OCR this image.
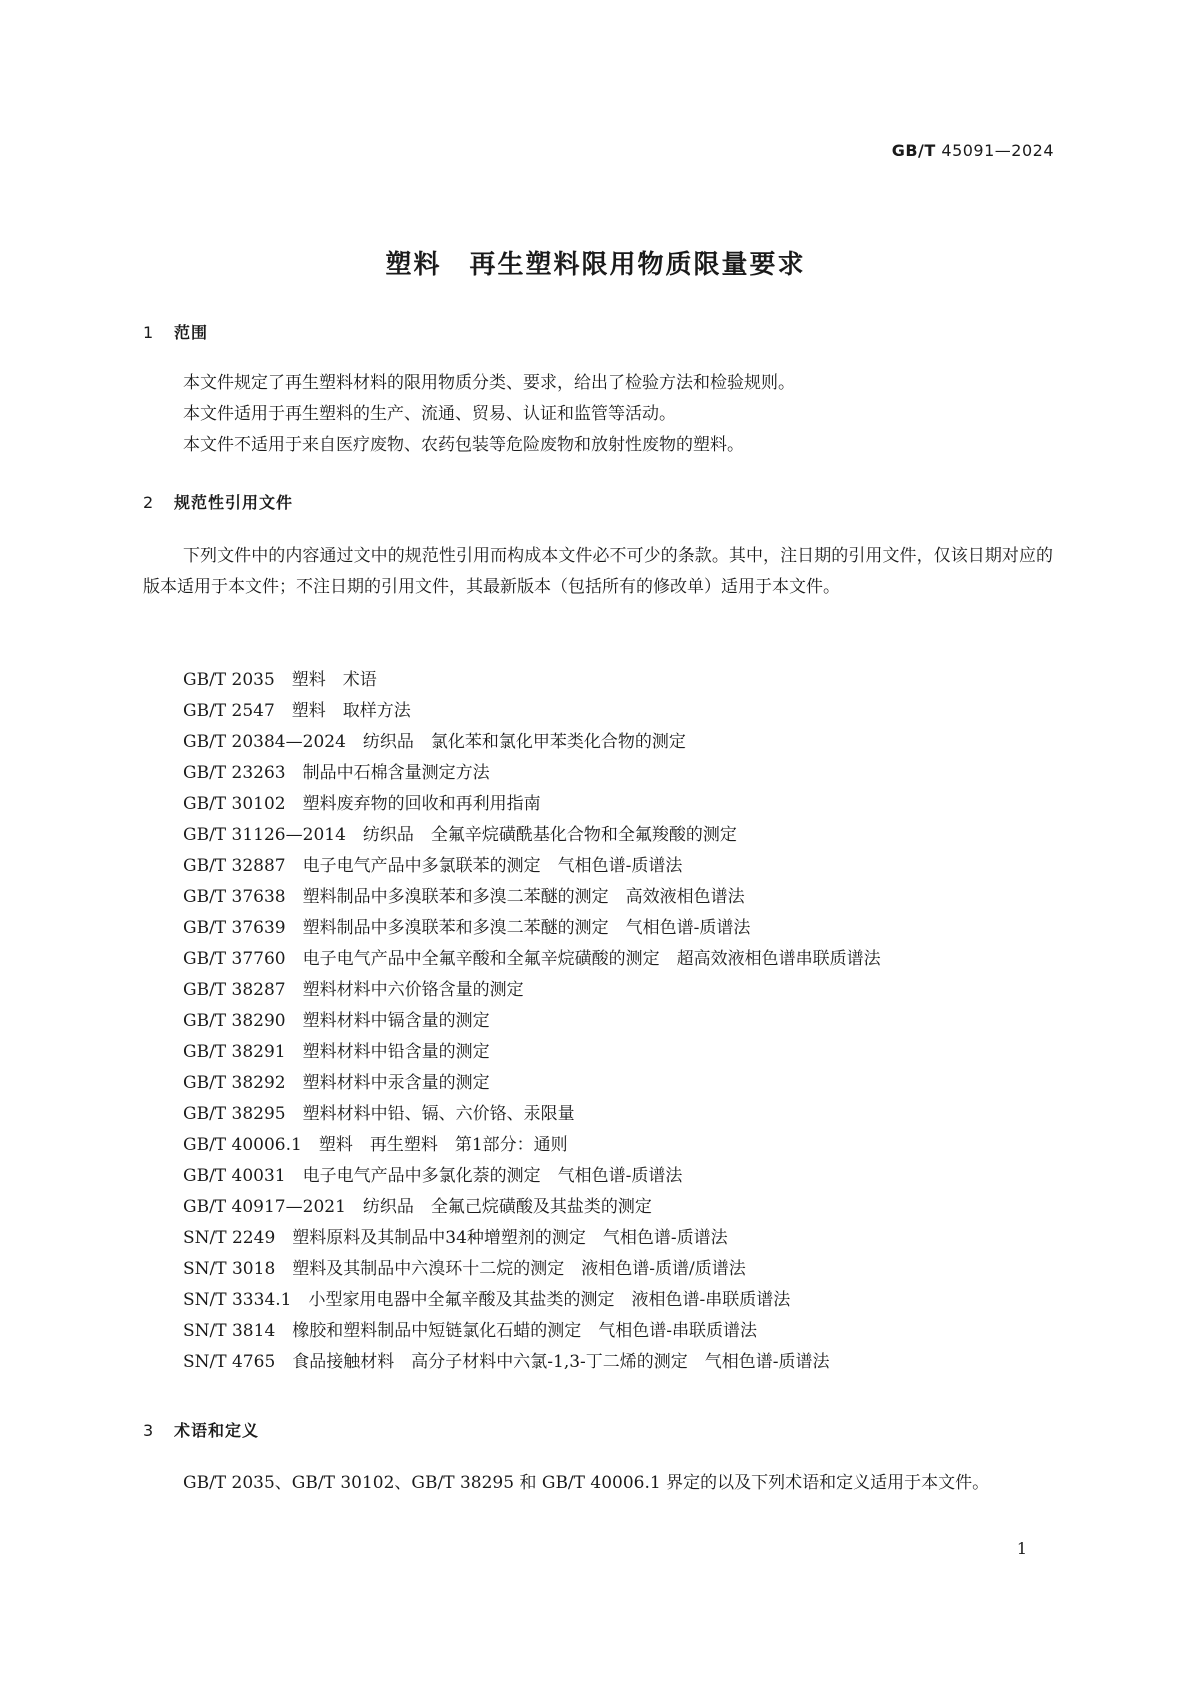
GB/T 45091—2024
塑料　再生塑料限用物质限量要求
1 范围
本文件规定了再生塑料材料的限用物质分类、要求，给出了检验方法和检验规则。
本文件适用于再生塑料的生产、流通、贸易、认证和监管等活动。
本文件不适用于来自医疗废物、农药包装等危险废物和放射性废物的塑料。
2 规范性引用文件
下列文件中的内容通过文中的规范性引用而构成本文件必不可少的条款。其中，注日期的引用文件，仅该日期对应的版本适用于本文件；不注日期的引用文件，其最新版本（包括所有的修改单）适用于本文件。
GB/T 2035　塑料　术语
GB/T 2547　塑料　取样方法
GB/T 20384—2024　纺织品　氯化苯和氯化甲苯类化合物的测定
GB/T 23263　制品中石棉含量测定方法
GB/T 30102　塑料废弃物的回收和再利用指南
GB/T 31126—2014　纺织品　全氟辛烷磺酰基化合物和全氟羧酸的测定
GB/T 32887　电子电气产品中多氯联苯的测定　气相色谱-质谱法
GB/T 37638　塑料制品中多溴联苯和多溴二苯醚的测定　高效液相色谱法
GB/T 37639　塑料制品中多溴联苯和多溴二苯醚的测定　气相色谱-质谱法
GB/T 37760　电子电气产品中全氟辛酸和全氟辛烷磺酸的测定　超高效液相色谱串联质谱法
GB/T 38287　塑料材料中六价铬含量的测定
GB/T 38290　塑料材料中镉含量的测定
GB/T 38291　塑料材料中铅含量的测定
GB/T 38292　塑料材料中汞含量的测定
GB/T 38295　塑料材料中铅、镉、六价铬、汞限量
GB/T 40006.1　塑料　再生塑料　第1部分：通则
GB/T 40031　电子电气产品中多氯化萘的测定　气相色谱-质谱法
GB/T 40917—2021　纺织品　全氟己烷磺酸及其盐类的测定
SN/T 2249　塑料原料及其制品中34种增塑剂的测定　气相色谱-质谱法
SN/T 3018　塑料及其制品中六溴环十二烷的测定　液相色谱-质谱/质谱法
SN/T 3334.1　小型家用电器中全氟辛酸及其盐类的测定　液相色谱-串联质谱法
SN/T 3814　橡胶和塑料制品中短链氯化石蜡的测定　气相色谱-串联质谱法
SN/T 4765　食品接触材料　高分子材料中六氯-1,3-丁二烯的测定　气相色谱-质谱法
3 术语和定义
GB/T 2035、GB/T 30102、GB/T 38295 和 GB/T 40006.1 界定的以及下列术语和定义适用于本文件。
1
